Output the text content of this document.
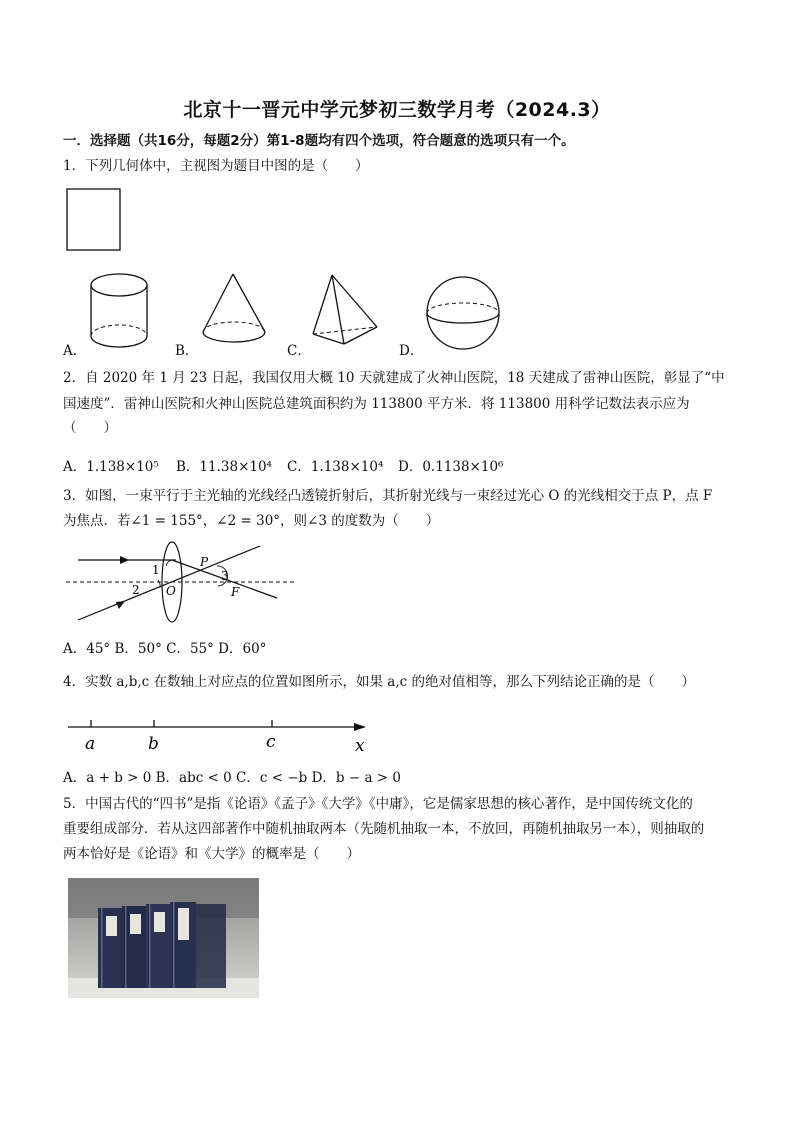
北京十一晋元中学元梦初三数学月考（2024.3）
一．选择题（共16分，每题2分）第1-8题均有四个选项，符合题意的选项只有一个。
1．下列几何体中，主视图为题目中图的是（　　）
A．	B．	C．	D．
2．自 2020 年 1 月 23 日起，我国仅用大概 10 天就建成了火神山医院，18 天建成了雷神山医院，彰显了“中
国速度”．雷神山医院和火神山医院总建筑面积约为 113800 平方米．将 113800 用科学记数法表示应为
（　　）
A．1.138×10⁵ B．11.38×10⁴ C．1.138×10⁴ D．0.1138×10⁶
3．如图，一束平行于主光轴的光线经凸透镜折射后，其折射光线与一束经过光心 O 的光线相交于点 P，点 F
为焦点．若∠1 = 155°，∠2 = 30°，则∠3 的度数为（　　）
1
2
3
P
O	F
A．45° B．50° C．55° D．60°
4．实数 a,b,c 在数轴上对应点的位置如图所示，如果 a,c 的绝对值相等，那么下列结论正确的是（　　）
a	b	c	x
A．a + b > 0 B．abc < 0 C．c < −b D．b − a > 0
5．中国古代的“四书”是指《论语》《孟子》《大学》《中庸》，它是儒家思想的核心著作，是中国传统文化的
重要组成部分．若从这四部著作中随机抽取两本（先随机抽取一本，不放回，再随机抽取另一本），则抽取的
两本恰好是《论语》和《大学》的概率是（　　）
